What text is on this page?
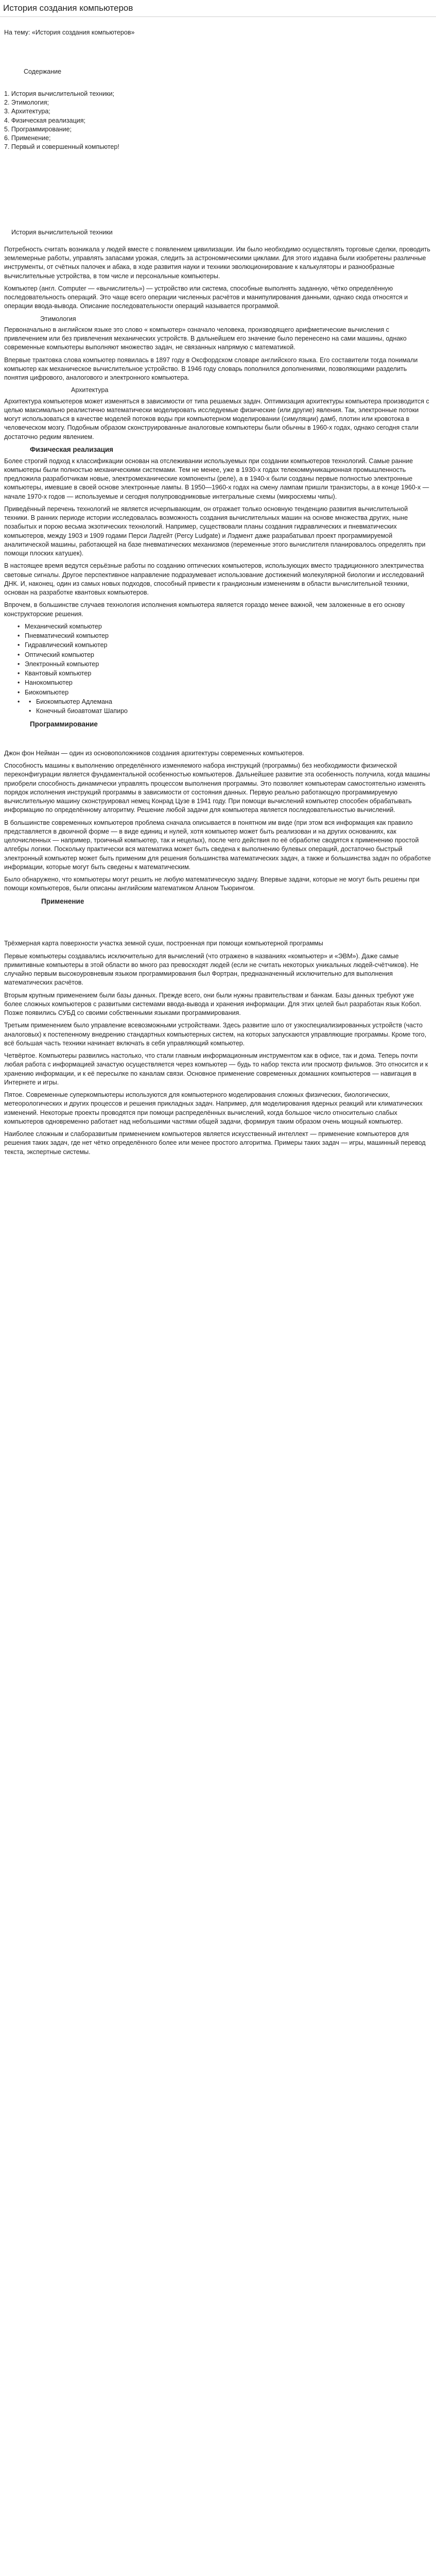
История создания компьютеров

На тему: «История создания компьютеров»

Содержание

1. История вычислительной техники;
2. Этимология;
3. Архитектура;
4. Физическая реализация;
5. Программирование;
6. Применение;
7. Первый и совершенный компьютер!

История вычислительной техники

Потребность считать возникала у людей вместе с появлением цивилизации. Им было необходимо осуществлять торговые сделки, проводить землемерные работы, управлять запасами урожая, следить за астрономическими циклами. Для этого издавна были изобретены различные инструменты, от счётных палочек и абака, в ходе развития науки и техники эволюционирование к калькуляторы и разнообразные вычислительные устройства, в том числе и персональные компьютеры.

Компьютер (англ. Computer — «вычислитель») — устройство или система, способные выполнять заданную, чётко определённую последовательность операций. Это чаще всего операции численных расчётов и манипулирования данными, однако сюда относятся и операции ввода-вывода. Описание последовательности операций называется программой.

Этимология

Первоначально в английском языке это слово « компьютер» означало человека, производящего арифметические вычисления с привлечением или без привлечения механических устройств. В дальнейшем его значение было перенесено на сами машины, однако современные компьютеры выполняют множество задач, не связанных напрямую с математикой.

Впервые трактовка слова компьютер появилась в 1897 году в Оксфордском словаре английского языка. Его составители тогда понимали компьютер как механическое вычислительное устройство. В 1946 году словарь пополнился дополнениями, позволяющими разделить понятия цифрового, аналогового и электронного компьютера.

Архитектура

Архитектура компьютеров может изменяться в зависимости от типа решаемых задач. Оптимизация архитектуры компьютера производится с целью максимально реалистично математически моделировать исследуемые физические (или другие) явления. Так, электронные потоки могут использоваться в качестве моделей потоков воды при компьютерном моделировании (симуляции) дамб, плотин или кровотока в человеческом мозгу. Подобным образом сконструированные аналоговые компьютеры были обычны в 1960-х годах, однако сегодня стали достаточно редким явлением.

Физическая реализация

Более строгий подход к классификации основан на отслеживании используемых при создании компьютеров технологий. Самые ранние компьютеры были полностью механическими системами. Тем не менее, уже в 1930-х годах телекоммуникационная промышленность предложила разработчикам новые, электромеханические компоненты (реле), а в 1940-х были созданы первые полностью электронные компьютеры, имевшие в своей основе электронные лампы. В 1950—1960-х годах на смену лампам пришли транзисторы, а в конце 1960-х — начале 1970-х годов — используемые и сегодня полупроводниковые интегральные схемы (микросхемы чипы).

Приведённый перечень технологий не является исчерпывающим, он отражает только основную тенденцию развития вычислительной техники. В ранних периоде истории исследовалась возможность создания вычислительных машин на основе множества других, ныне позабытых и порою весьма экзотических технологий. Например, существовали планы создания гидравлических и пневматических компьютеров, между 1903 и 1909 годами Перси Ладгейт (Percy Ludgate) и Лэдмент даже разрабатывал проект программируемой аналитической машины, работающей на базе пневматических механизмов (переменные этого вычислителя планировалось определять при помощи плоских катушек).

В настоящее время ведутся серьёзные работы по созданию оптических компьютеров, использующих вместо традиционного электричества световые сигналы. Другое перспективное направление подразумевает использование достижений молекулярной биологии и исследований ДНК. И, наконец, один из самых новых подходов, способный привести к грандиозным изменениям в области вычислительной техники, основан на разработке квантовых компьютеров.

Впрочем, в большинстве случаев технология исполнения компьютера является гораздо менее важной, чем заложенные в его основу конструкторские решения.

• Механический компьютер
• Пневматический компьютер
• Гидравлический компьютер
• Оптический компьютер
• Электронный компьютер
• Квантовый компьютер
• Нанокомпьютер
• Биокомпьютер
• • Биокомпьютер Адлемана
• Конечный биоавтомат Шапиро

Программирование

Джон фон Нейман — один из основоположников создания архитектуры современных компьютеров.

Способность машины к выполнению определённого изменяемого набора инструкций (программы) без необходимости физической переконфигурации является фундаментальной особенностью компьютеров. Дальнейшее развитие эта особенность получила, когда машины приобрели способность динамически управлять процессом выполнения программы. Это позволяет компьютерам самостоятельно изменять порядок исполнения инструкций программы в зависимости от состояния данных. Первую реально работающую программируемую вычислительную машину сконструировал немец Конрад Цузе в 1941 году. При помощи вычислений компьютер способен обрабатывать информацию по определённому алгоритму. Решение любой задачи для компьютера является последовательностью вычислений.

В большинстве современных компьютеров проблема сначала описывается в понятном им виде (при этом вся информация как правило представляется в двоичной форме — в виде единиц и нулей, хотя компьютер может быть реализован и на других основаниях, как целочисленных — например, троичный компьютер, так и нецелых), после чего действия по её обработке сводятся к применению простой алгебры логики. Поскольку практически вся математика может быть сведена к выполнению булевых операций, достаточно быстрый электронный компьютер может быть применим для решения большинства математических задач, а также и большинства задач по обработке информации, которые могут быть сведены к математическим.

Было обнаружено, что компьютеры могут решить не любую математическую задачу. Впервые задачи, которые не могут быть решены при помощи компьютеров, были описаны английским математиком Аланом Тьюрингом.

Применение

Трёхмерная карта поверхности участка земной суши, построенная при помощи компьютерной программы

Первые компьютеры создавались исключительно для вычислений (что отражено в названиях «компьютер» и «ЭВМ»). Даже самые примитивные компьютеры в этой области во много раз превосходят людей (если не считать некоторых уникальных людей-счётчиков). Не случайно первым высокоуровневым языком программирования был Фортран, предназначенный исключительно для выполнения математических расчётов.

Вторым крупным применением были базы данных. Прежде всего, они были нужны правительствам и банкам. Базы данных требуют уже более сложных компьютеров с развитыми системами ввода-вывода и хранения информации. Для этих целей был разработан язык Кобол. Позже появились СУБД со своими собственными языками программирования.

Третьим применением было управление всевозможными устройствами. Здесь развитие шло от узкоспециализированных устройств (часто аналоговых) к постепенному внедрению стандартных компьютерных систем, на которых запускаются управляющие программы. Кроме того, всё большая часть техники начинает включать в себя управляющий компьютер.

Четвёртое. Компьютеры развились настолько, что стали главным информационным инструментом как в офисе, так и дома. Теперь почти любая работа с информацией зачастую осуществляется через компьютер — будь то набор текста или просмотр фильмов. Это относится и к хранению информации, и к её пересылке по каналам связи. Основное применение современных домашних компьютеров — навигация в Интернете и игры.

Пятое. Современные суперкомпьютеры используются для компьютерного моделирования сложных физических, биологических, метеорологических и других процессов и решения прикладных задач. Например, для моделирования ядерных реакций или климатических изменений. Некоторые проекты проводятся при помощи распределённых вычислений, когда большое число относительно слабых компьютеров одновременно работает над небольшими частями общей задачи, формируя таким образом очень мощный компьютер.

Наиболее сложным и слаборазвитым применением компьютеров является искусственный интеллект — применение компьютеров для решения таких задач, где нет чётко определённого более или менее простого алгоритма. Примеры таких задач — игры, машинный перевод текста, экспертные системы.
